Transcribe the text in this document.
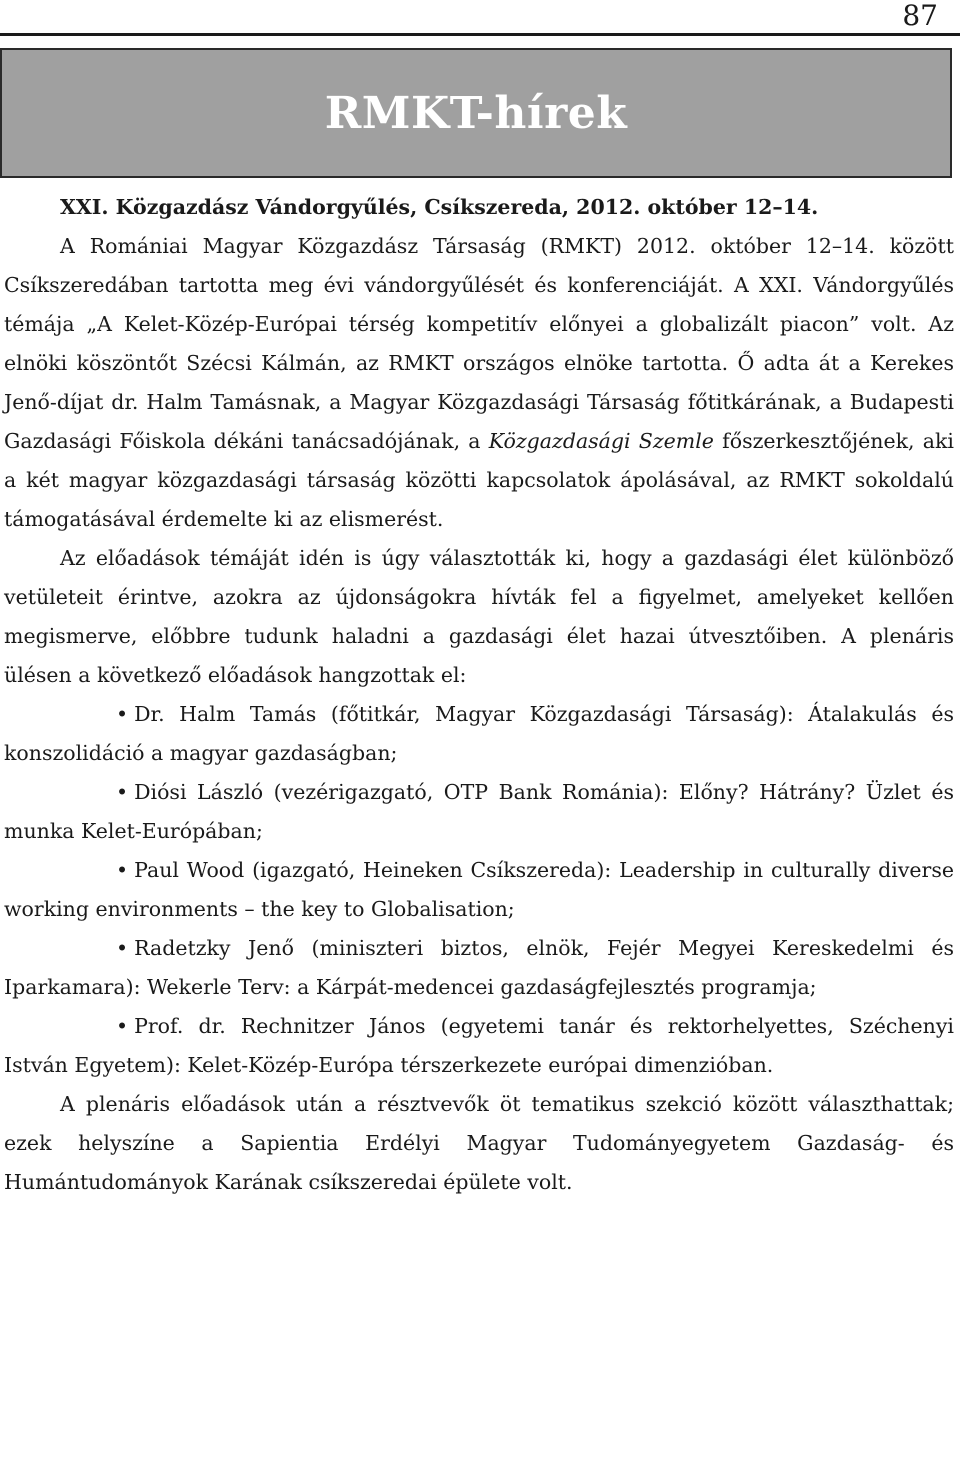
87
RMKT-hírek

XXI. Közgazdász Vándorgyűlés, Csíkszereda, 2012. október 12–14.

A Romániai Magyar Közgazdász Társaság (RMKT) 2012. október 12–14. között Csíkszeredában tartotta meg évi vándorgyűlését és konferenciáját. A XXI. Vándorgyűlés témája „A Kelet-Közép-Európai térség kompetitív előnyei a globalizált piacon” volt. Az elnöki köszöntőt Szécsi Kálmán, az RMKT országos elnöke tartotta. Ő adta át a Kerekes Jenő-díjat dr. Halm Tamásnak, a Magyar Közgazdasági Társaság főtitkárának, a Budapesti Gazdasági Főiskola dékáni tanácsadójának, a Közgazdasági Szemle főszerkesztőjének, aki a két magyar közgazdasági társaság közötti kapcsolatok ápolásával, az RMKT sokoldalú támogatásával érdemelte ki az elismerést.

Az előadások témáját idén is úgy választották ki, hogy a gazdasági élet különböző vetületeit érintve, azokra az újdonságokra hívták fel a figyelmet, amelyeket kellően megismerve, előbbre tudunk haladni a gazdasági élet hazai útvesztőiben. A plenáris ülésen a következő előadások hangzottak el:

• Dr. Halm Tamás (főtitkár, Magyar Közgazdasági Társaság): Átalakulás és konszolidáció a magyar gazdaságban;

• Diósi László (vezérigazgató, OTP Bank Románia): Előny? Hátrány? Üzlet és munka Kelet-Európában;

• Paul Wood (igazgató, Heineken Csíkszereda): Leadership in culturally diverse working environments – the key to Globalisation;

• Radetzky Jenő (miniszteri biztos, elnök, Fejér Megyei Kereskedelmi és Iparkamara): Wekerle Terv: a Kárpát-medencei gazdaságfejlesztés programja;

• Prof. dr. Rechnitzer János (egyetemi tanár és rektorhelyettes, Széchenyi István Egyetem): Kelet-Közép-Európa térszerkezete európai dimenzióban.

A plenáris előadások után a résztvevők öt tematikus szekció között választhattak; ezek helyszíne a Sapientia Erdélyi Magyar Tudományegyetem Gazdaság- és Humántudományok Karának csíkszeredai épülete volt.
